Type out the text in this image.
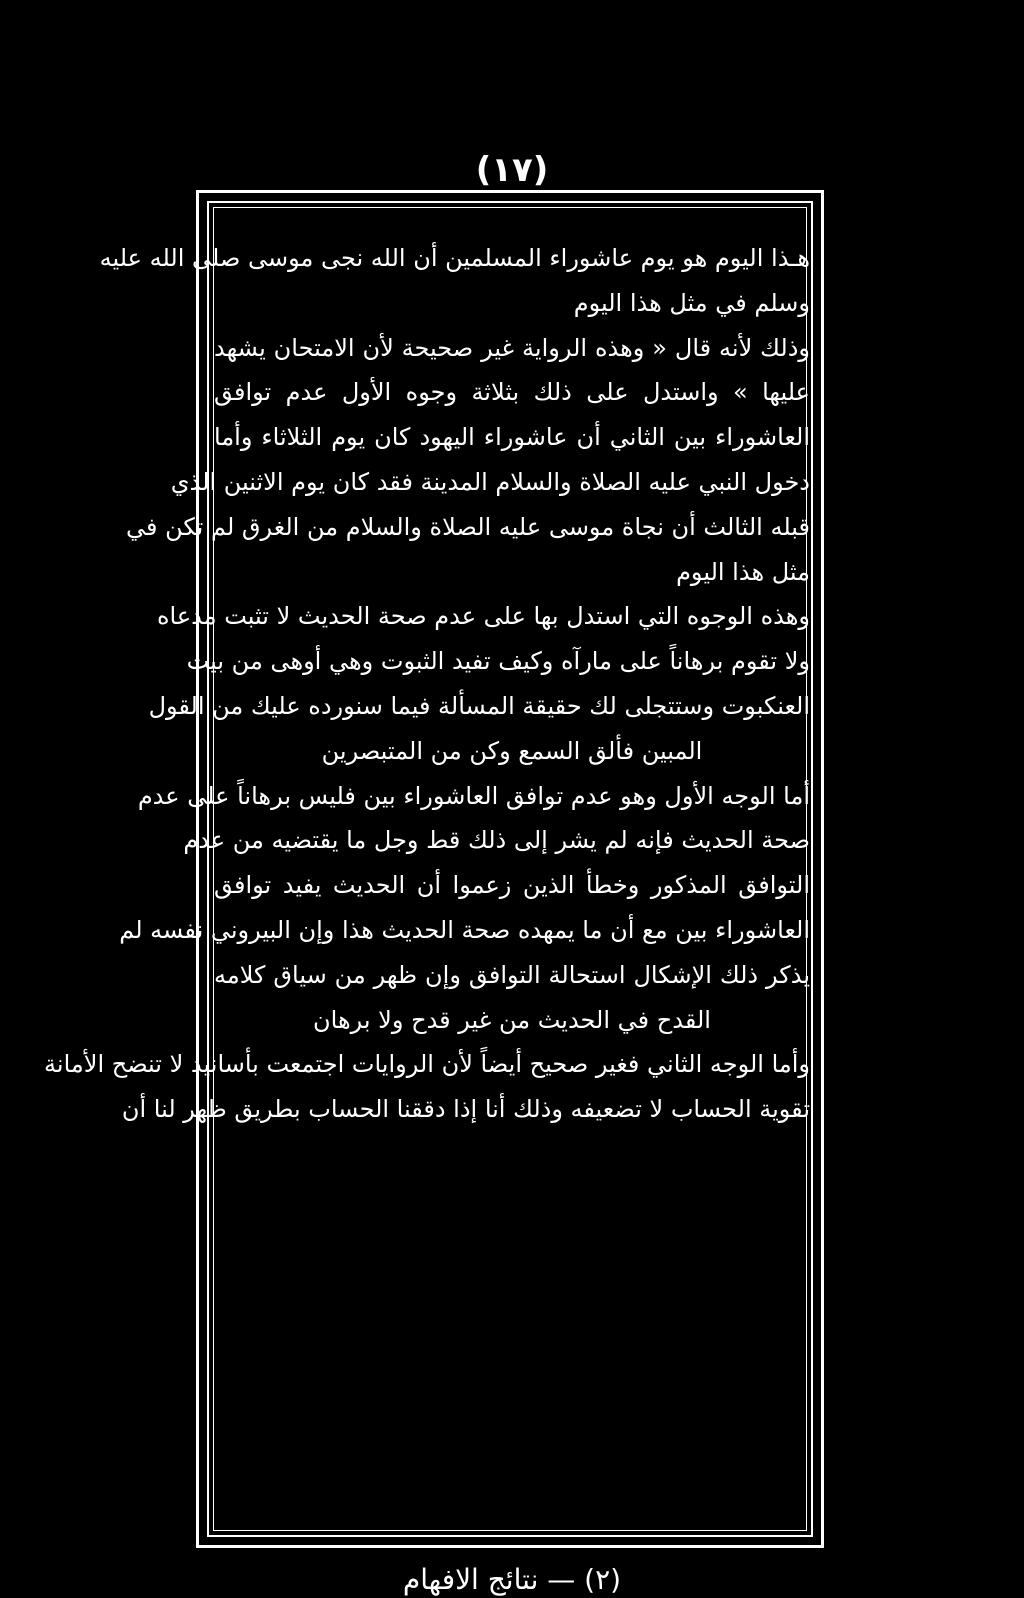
(١٧)
هـذا اليوم هو يوم عاشوراء المسلمين أن الله نجى موسى صلى الله عليه
وسلم في مثل هذا اليوم
وذلك لأنه قال « وهذه الرواية غير صحيحة لأن الامتحان يشهد
عليها » واستدل على ذلك بثلاثة وجوه الأول عدم توافق
العاشوراء بين الثاني أن عاشوراء اليهود كان يوم الثلاثاء وأما
دخول النبي عليه الصلاة والسلام المدينة فقد كان يوم الاثنين الذي
قبله الثالث أن نجاة موسى عليه الصلاة والسلام من الغرق لم تكن في
مثل هذا اليوم
وهذه الوجوه التي استدل بها على عدم صحة الحديث لا تثبت مدعاه
ولا تقوم برهاناً على مارآه وكيف تفيد الثبوت وهي أوهى من بيت
العنكبوت وستتجلى لك حقيقة المسألة فيما سنورده عليك من القول
المبين فألق السمع وكن من المتبصرين
أما الوجه الأول وهو عدم توافق العاشوراء بين فليس برهاناً على عدم
صحة الحديث فإنه لم يشر إلى ذلك قط وجل ما يقتضيه من عدم
التوافق المذكور وخطأ الذين زعموا أن الحديث يفيد توافق
العاشوراء بين مع أن ما يمهده صحة الحديث هذا وإن البيروني نفسه لم
يذكر ذلك الإشكال استحالة التوافق وإن ظهر من سياق كلامه
القدح في الحديث من غير قدح ولا برهان
وأما الوجه الثاني فغير صحيح أيضاً لأن الروايات اجتمعت بأسانيد لا تنضح الأمانة
تقوية الحساب لا تضعيفه وذلك أنا إذا دققنا الحساب بطريق ظهر لنا أن
(٢) — نتائج الافهام
